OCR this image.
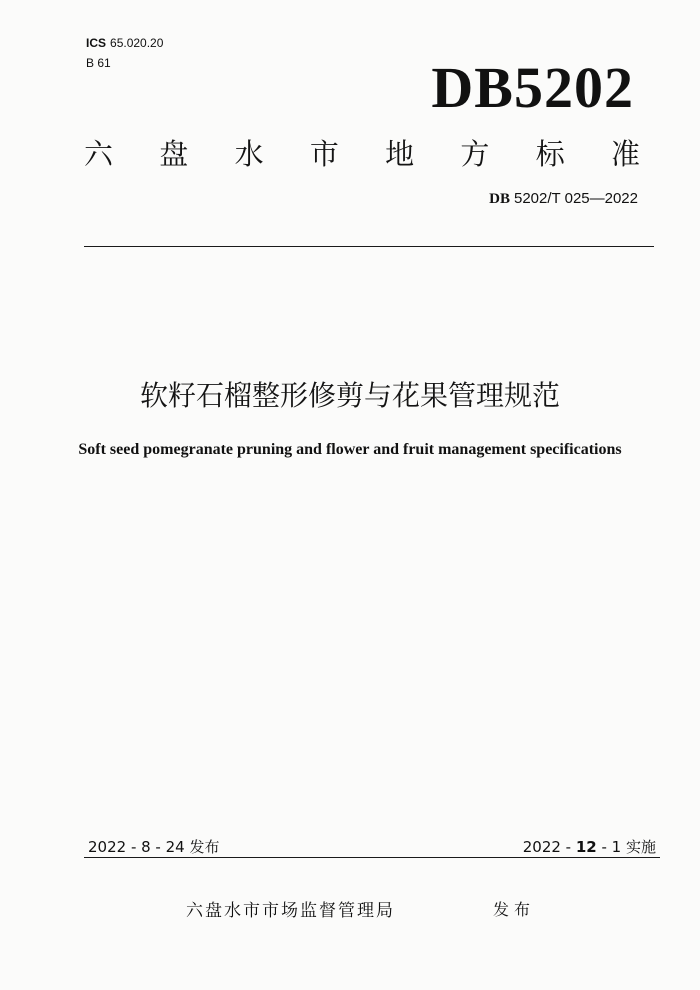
ICS 65.020.20
B 61	DB5202
六 盘 水 市 地 方 标 准
DB 5202/T 025—2022
软籽石榴整形修剪与花果管理规范
Soft seed pomegranate pruning and flower and fruit management specifications
2022 - 8 - 24 发布	2022 - 12 - 1 实施
六盘水市市场监督管理局	发布
